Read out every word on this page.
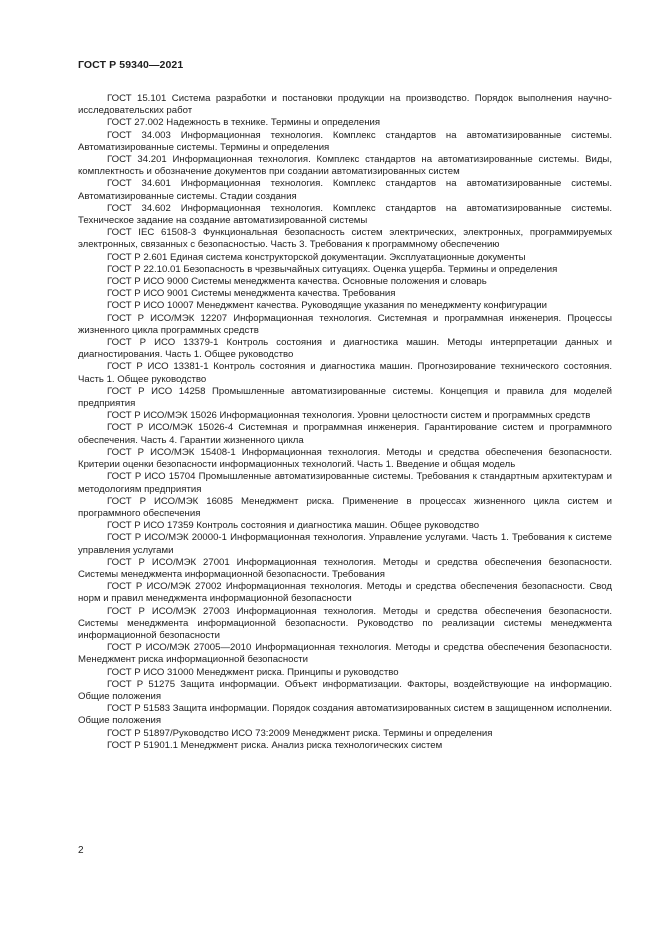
ГОСТ Р 59340—2021

ГОСТ 15.101 Система разработки и постановки продукции на производство. Порядок выполнения научно-исследовательских работ

ГОСТ 27.002 Надежность в технике. Термины и определения

ГОСТ 34.003 Информационная технология. Комплекс стандартов на автоматизированные системы. Автоматизированные системы. Термины и определения

ГОСТ 34.201 Информационная технология. Комплекс стандартов на автоматизированные системы. Виды, комплектность и обозначение документов при создании автоматизированных систем

ГОСТ 34.601 Информационная технология. Комплекс стандартов на автоматизированные системы. Автоматизированные системы. Стадии создания

ГОСТ 34.602 Информационная технология. Комплекс стандартов на автоматизированные системы. Техническое задание на создание автоматизированной системы

ГОСТ IEC 61508-3 Функциональная безопасность систем электрических, электронных, программируемых электронных, связанных с безопасностью. Часть 3. Требования к программному обеспечению

ГОСТ Р 2.601 Единая система конструкторской документации. Эксплуатационные документы

ГОСТ Р 22.10.01 Безопасность в чрезвычайных ситуациях. Оценка ущерба. Термины и определения

ГОСТ Р ИСО 9000 Системы менеджмента качества. Основные положения и словарь

ГОСТ Р ИСО 9001 Системы менеджмента качества. Требования

ГОСТ Р ИСО 10007 Менеджмент качества. Руководящие указания по менеджменту конфигурации

ГОСТ Р ИСО/МЭК 12207 Информационная технология. Системная и программная инженерия. Процессы жизненного цикла программных средств

ГОСТ Р ИСО 13379-1 Контроль состояния и диагностика машин. Методы интерпретации данных и диагностирования. Часть 1. Общее руководство

ГОСТ Р ИСО 13381-1 Контроль состояния и диагностика машин. Прогнозирование технического состояния. Часть 1. Общее руководство

ГОСТ Р ИСО 14258 Промышленные автоматизированные системы. Концепция и правила для моделей предприятия

ГОСТ Р ИСО/МЭК 15026 Информационная технология. Уровни целостности систем и программных средств

ГОСТ Р ИСО/МЭК 15026-4 Системная и программная инженерия. Гарантирование систем и программного обеспечения. Часть 4. Гарантии жизненного цикла

ГОСТ Р ИСО/МЭК 15408-1 Информационная технология. Методы и средства обеспечения безопасности. Критерии оценки безопасности информационных технологий. Часть 1. Введение и общая модель

ГОСТ Р ИСО 15704 Промышленные автоматизированные системы. Требования к стандартным архитектурам и методологиям предприятия

ГОСТ Р ИСО/МЭК 16085 Менеджмент риска. Применение в процессах жизненного цикла систем и программного обеспечения

ГОСТ Р ИСО 17359 Контроль состояния и диагностика машин. Общее руководство

ГОСТ Р ИСО/МЭК 20000-1 Информационная технология. Управление услугами. Часть 1. Требования к системе управления услугами

ГОСТ Р ИСО/МЭК 27001 Информационная технология. Методы и средства обеспечения безопасности. Системы менеджмента информационной безопасности. Требования

ГОСТ Р ИСО/МЭК 27002 Информационная технология. Методы и средства обеспечения безопасности. Свод норм и правил менеджмента информационной безопасности

ГОСТ Р ИСО/МЭК 27003 Информационная технология. Методы и средства обеспечения безопасности. Системы менеджмента информационной безопасности. Руководство по реализации системы менеджмента информационной безопасности

ГОСТ Р ИСО/МЭК 27005—2010 Информационная технология. Методы и средства обеспечения безопасности. Менеджмент риска информационной безопасности

ГОСТ Р ИСО 31000 Менеджмент риска. Принципы и руководство

ГОСТ Р 51275 Защита информации. Объект информатизации. Факторы, воздействующие на информацию. Общие положения

ГОСТ Р 51583 Защита информации. Порядок создания автоматизированных систем в защищенном исполнении. Общие положения

ГОСТ Р 51897/Руководство ИСО 73:2009 Менеджмент риска. Термины и определения

ГОСТ Р 51901.1 Менеджмент риска. Анализ риска технологических систем

2
